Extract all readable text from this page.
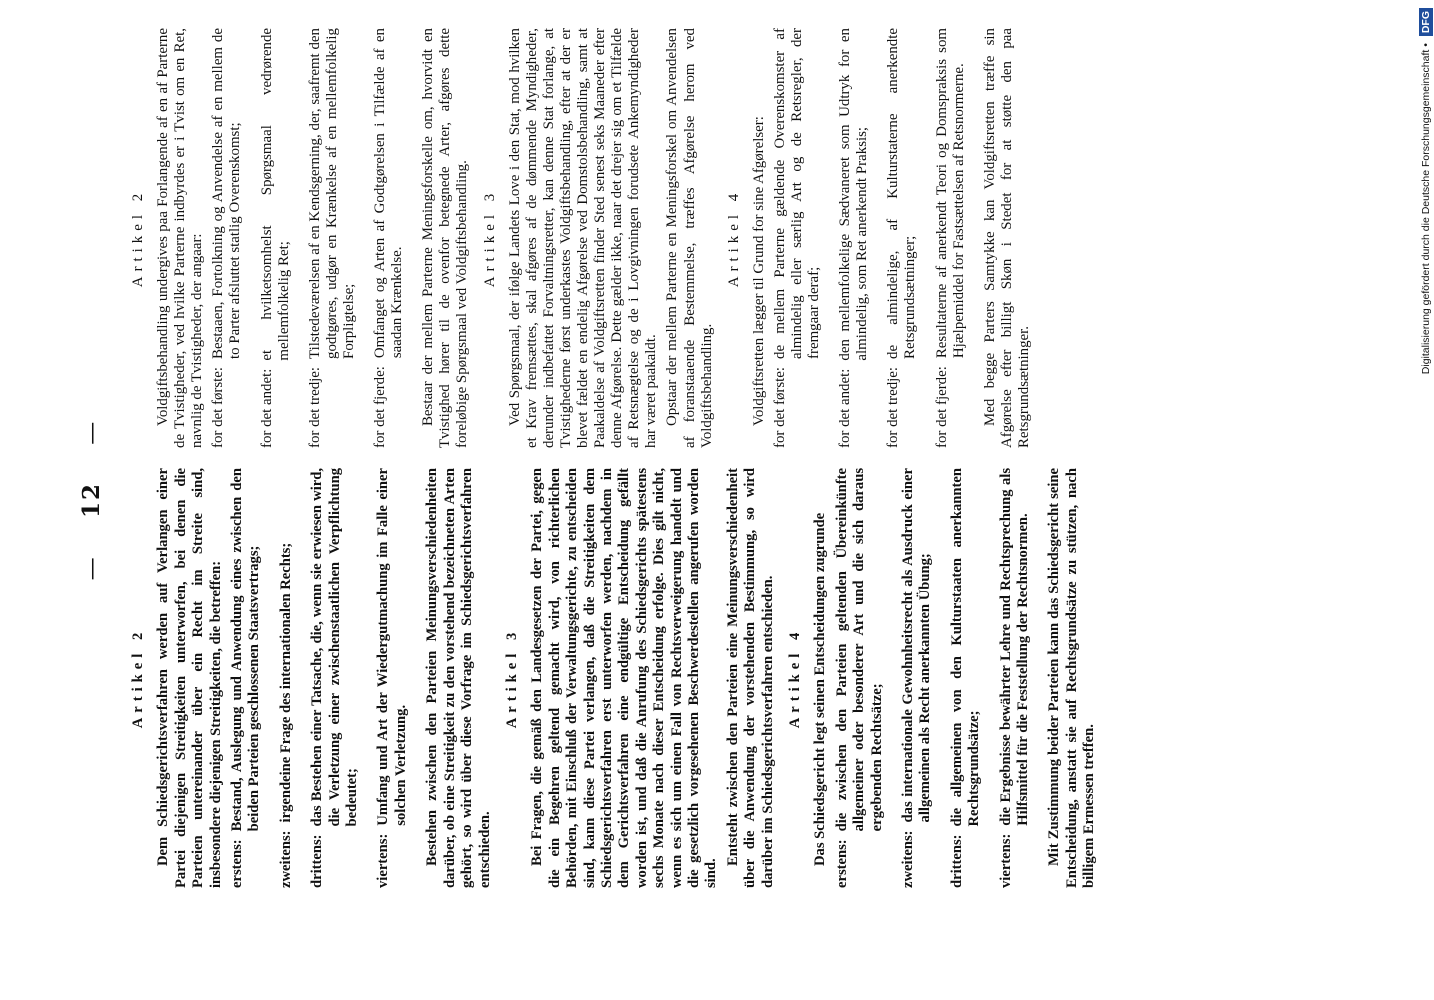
— 12 —
Artikel 2 Dem Schiedsgerichtsverfahren werden auf Verlangen einer Partei diejenigen Streitigkeiten unterworfen, bei denen die Parteien untereinander über ein Recht im Streite sind, insbesondere diejenigen Streitigkeiten, die betreffen: erstens:
Bestand, Auslegung und Anwendung eines zwischen den beiden Parteien geschlossenen Staatsvertrags;
zweitens:
irgendeine Frage des internationalen Rechts;
drittens:
das Bestehen einer Tatsache, die, wenn sie erwiesen wird, die Verletzung einer zwischenstaatlichen Verpflichtung bedeutet;
viertens:
Umfang und Art der Wiedergutmachung im Falle einer solchen Verletzung. Bestehen zwischen den Parteien Meinungsverschiedenheiten darüber, ob eine Streitigkeit zu den vorstehend bezeichneten Arten gehört, so wird über diese Vorfrage im Schiedsgerichtsverfahren entschieden.

Artikel 3 Bei Fragen, die gemäß den Landesgesetzen der Partei, gegen die ein Begehren geltend gemacht wird, von richterlichen Behörden, mit Einschluß der Verwaltungsgerichte, zu entscheiden sind, kann diese Partei verlangen, daß die Streitigkeiten dem Schiedsgerichtsverfahren erst unterworfen werden, nachdem in dem Gerichtsverfahren eine endgültige Entscheidung gefällt worden ist, und daß die Anrufung des Schiedsgerichts spätestens sechs Monate nach dieser Entscheidung erfolge. Dies gilt nicht, wenn es sich um einen Fall von Rechtsverweigerung handelt und die gesetzlich vorgesehenen Beschwerdestellen angerufen worden sind.

Entsteht zwischen den Parteien eine Meinungsverschiedenheit über die Anwendung der vorstehenden Bestimmung, so wird darüber im Schiedsgerichtsverfahren entschieden. Artikel 4 Das Schiedsgericht legt seinen Entscheidungen zugrunde erstens:
die zwischen den Parteien geltenden Übereinkünfte allgemeiner oder besonderer Art und die sich daraus ergebenden Rechtsätze;
zweitens:
das internationale Gewohnheitsrecht als Ausdruck einer allgemeinen als Recht anerkannten Übung;
drittens:
die allgemeinen von den Kulturstaaten anerkannten Rechtsgrundsätze;
viertens:
die Ergebnisse bewährter Lehre und Rechtsprechung als Hilfsmittel für die Feststellung der Rechtsnormen. Mit Zustimmung beider Parteien kann das Schiedsgericht seine Entscheidung, anstatt sie auf Rechtsgrundsätze zu stützen, nach billigem Ermessen treffen.

Artikel 2 Voldgiftsbehandling undergives paa Forlangende af en af Parterne de Tvistigheder, ved hvilke Parterne indbyrdes er i Tvist om en Ret, navnlig de Tvistigheder, der angaar: for det første:
Bestaaen, Fortolkning og Anvendelse af en mellem de to Parter afsluttet statlig Overenskomst;
for det andet:
et hvilketsomhelst Spørgsmaal vedrørende mellemfolkelig Ret;
for det tredje:
Tilstedeværelsen af en Kendsgerning, der, saafremt den godtgøres, udgør en Krænkelse af en mellemfolkelig Forpligtelse;
for det fjerde:
Omfanget og Arten af Godtgørelsen i Tilfælde af en saadan Krænkelse. Bestaar der mellem Parterne Meningsforskelle om, hvorvidt en Tvistighed hører til de ovenfor betegnede Arter, afgøres dette foreløbige Spørgsmaal ved Voldgiftsbehandling. Artikel 3 Ved Spørgsmaal, der ifølge Landets Love i den Stat, mod hvilken et Krav fremsættes, skal afgøres af de dømmende Myndigheder, derunder indbefattet Forvaltningsretter, kan denne Stat forlange, at Tvistighederne først underkastes Voldgiftsbehandling, efter at der er blevet fældet en endelig Afgørelse ved Domstolsbehandling, samt at Paakaldelse af Voldgiftsretten finder Sted senest seks Maaneder efter denne Afgørelse. Dette gælder ikke, naar det drejer sig om et Tilfælde af Retsnægtelse og de i Lovgivningen forudsete Ankemyndigheder har været paakaldt. Opstaar der mellem Parterne en Meningsforskel om Anvendelsen af foranstaaende Bestemmelse, træffes Afgørelse herom ved Voldgiftsbehandling.

Artikel 4 Voldgiftsretten lægger til Grund for sine Afgørelser: for det første:
de mellem Parterne gældende Overenskomster af almindelig eller særlig Art og de Retsregler, der fremgaar deraf;
for det andet:
den mellemfolkelige Sædvaneret som Udtryk for en almindelig, som Ret anerkendt Praksis;
for det tredje:
de almindelige, af Kulturstaterne anerkendte Retsgrundsætninger;
for det fjerde:
Resultaterne af anerkendt Teori og Domspraksis som Hjælpemiddel for Fastsættelsen af Retsnormerne. Med begge Parters Samtykke kan Voldgiftsretten træffe sin Afgørelse efter billigt Skøn i Stedet for at støtte den paa Retsgrundsætninger.

Digitalisierung gefördert durch die Deutsche Forschungsgemeinschaft • DFG
